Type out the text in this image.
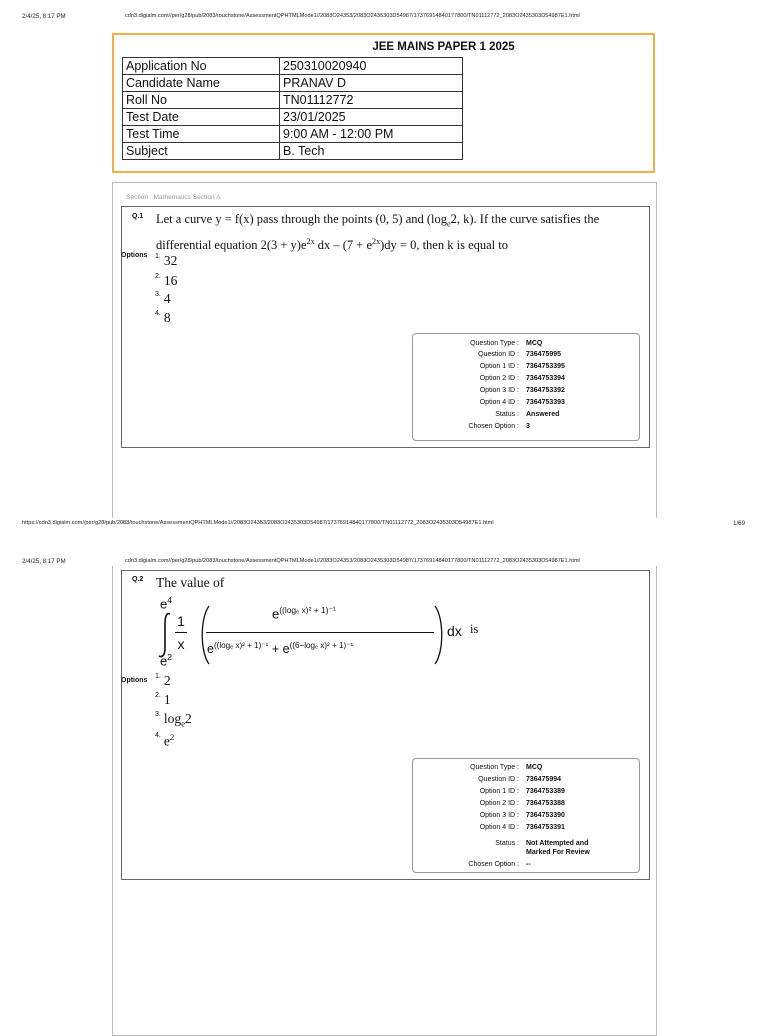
2/4/25, 8:17 PM	cdn3.digialm.com//per/g28/pub/2083/touchstone/AssessmentQPHTMLMode1//2083O24353/2083O2435303D54987/17376914840177800/TN01112772_2083O2435303D54987E1.html
JEE MAINS PAPER 1 2025
Application No	250310020940
Candidate Name	PRANAV D
Roll No	TN01112772
Test Date	23/01/2025
Test Time	9:00 AM - 12:00 PM
Subject	B. Tech
Section : Mathematics Section A
Q.1 Let a curve y = f(x) pass through the points (0, 5) and ($\log_e2$, k). If the curve satisfies the
differential equation $2(3 + y)e^{2x}$ dx – $(7 + e^{2x})dy = 0$, then k is equal to
Options $^{1.}$ 32
$^{2.}$ 16
$^{3.}$ 4
$^{4.}$ 8
Question Type : MCQ
Question ID : 736475995
Option 1 ID : 7364753395
Option 2 ID : 7364753394
Option 3 ID : 7364753392
Option 4 ID : 7364753393
Status : Answered
Chosen Option : 3
https://cdn3.digialm.com//per/g28/pub/2083/touchstone/AssessmentQPHTMLMode1//2083O24353/2083O2435303D54987/17376914840177800/TN01112772_2083O2435303D54987E1.html	1/69
2/4/25, 8:17 PM	cdn3.digialm.com//per/g28/pub/2083/touchstone/AssessmentQPHTMLMode1//2083O24353/2083O2435303D54987/17376914840177800/TN01112772_2083O2435303D54987E1.html
Q.2 The value of
$e^4$
$e^2$
1
x
$e^{((log_e x)^2 + 1)^{-1}}$
$e^{((log_e x)^2 + 1)^{-1}} + e^{((6-log_e x)^2 + 1)^{-1}}$
dx is
Options
$^{1.}$ 2
$^{2.}$ 1
$^{3.}$ $\log_e2$
$^{4.}$ $e^2$
Question Type : MCQ
Question ID : 736475994
Option 1 ID : 7364753389
Option 2 ID : 7364753388
Option 3 ID : 7364753390
Option 4 ID : 7364753391
Status : Not Attempted and
Marked For Review
Chosen Option : --
